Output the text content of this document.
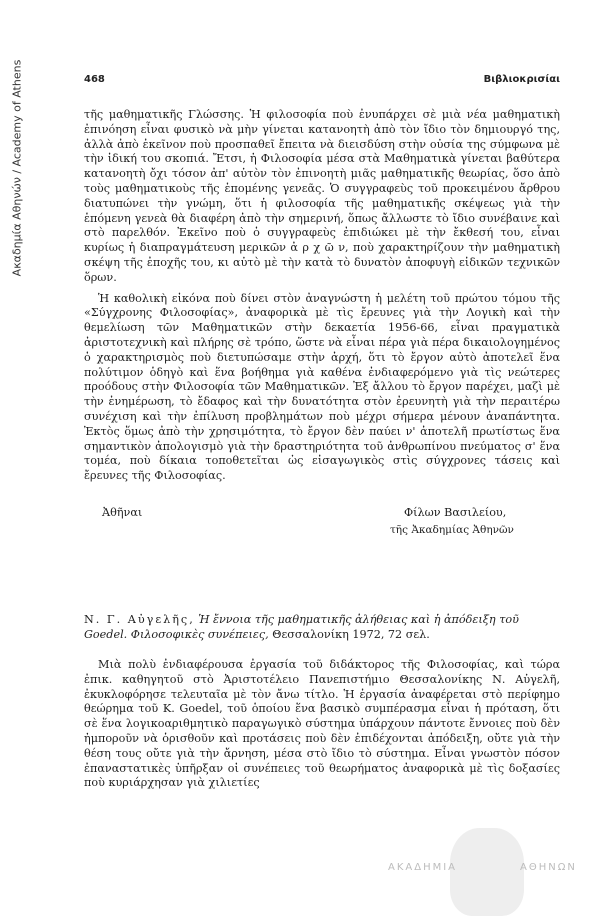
Ακαδημία Αθηνών / Academy of Athens	468	Βιβλιοκρισίαι

τῆς μαθηματικῆς Γλώσσης. Ἡ φιλοσοφία ποὺ ἐνυπάρχει σὲ μιὰ νέα μαθηματικὴ ἐπινόηση εἶναι φυσικὸ νὰ μὴν γίνεται κατανοητὴ ἀπὸ τὸν ἴδιο τὸν δημιουργό της, ἀλλὰ ἀπὸ ἐκεῖνον ποὺ προσπαθεῖ ἔπειτα νὰ διεισδύση στὴν οὐσία της σύμφωνα μὲ τὴν ἰδική του σκοπιά. Ἔτσι, ἡ Φιλοσοφία μέσα στὰ Μαθηματικὰ γίνεται βαθύτερα κατανοητὴ ὄχι τόσον ἀπ' αὐτὸν τὸν ἐπινοητὴ μιᾶς μαθηματικῆς θεωρίας, ὅσο ἀπὸ τοὺς μαθηματικοὺς τῆς ἑπομένης γενεᾶς. Ὁ συγγραφεὺς τοῦ προκειμένου ἄρθρου διατυπώνει τὴν γνώμη, ὅτι ἡ φιλοσοφία τῆς μαθηματικῆς σκέψεως γιὰ τὴν ἑπόμενη γενεὰ θὰ διαφέρη ἀπὸ τὴν σημερινή, ὅπως ἄλλωστε τὸ ἴδιο συνέβαινε καὶ στὸ παρελθόν. Ἐκεῖνο ποὺ ὁ συγγραφεὺς ἐπιδιώκει μὲ τὴν ἔκθεσή του, εἶναι κυρίως ἡ διαπραγμάτευση μερικῶν ἀ ρ χ ῶ ν, ποὺ χαρακτηρίζουν τὴν μαθηματικὴ σκέψη τῆς ἐποχῆς του, κι αὐτὸ μὲ τὴν κατὰ τὸ δυνατὸν ἀποφυγὴ εἰδικῶν τεχνικῶν ὅρων.

Ἡ καθολικὴ εἰκόνα ποὺ δίνει στὸν ἀναγνώστη ἡ μελέτη τοῦ πρώτου τόμου τῆς «Σύγχρονης Φιλοσοφίας», ἀναφορικὰ μὲ τὶς ἔρευνες γιὰ τὴν Λογικὴ καὶ τὴν θεμελίωση τῶν Μαθηματικῶν στὴν δεκαετία 1956-66, εἶναι πραγματικὰ ἀριστοτεχνικὴ καὶ πλήρης σὲ τρόπο, ὥστε νὰ εἶναι πέρα γιὰ πέρα δικαιολογημένος ὁ χαρακτηρισμὸς ποὺ διετυπώσαμε στὴν ἀρχή, ὅτι τὸ ἔργον αὐτὸ ἀποτελεῖ ἕνα πολύτιμον ὁδηγὸ καὶ ἕνα βοήθημα γιὰ καθένα ἐνδιαφερόμενο γιὰ τὶς νεώτερες προόδους στὴν Φιλοσοφία τῶν Μαθηματικῶν. Ἐξ ἄλλου τὸ ἔργον παρέχει, μαζὶ μὲ τὴν ἐνημέρωση, τὸ ἔδαφος καὶ τὴν δυνατότητα στὸν ἐρευνητὴ γιὰ τὴν περαιτέρω συνέχιση καὶ τὴν ἐπίλυση προβλημάτων ποὺ μέχρι σήμερα μένουν ἀναπάντητα. Ἐκτὸς ὅμως ἀπὸ τὴν χρησιμότητα, τὸ ἔργον δὲν παύει ν' ἀποτελῆ πρωτίστως ἕνα σημαντικὸν ἀπολογισμὸ γιὰ τὴν δραστηριότητα τοῦ ἀνθρωπίνου πνεύματος σ' ἕνα τομέα, ποὺ δίκαια τοποθετεῖται ὡς εἰσαγωγικὸς στὶς σύγχρονες τάσεις καὶ ἔρευνες τῆς Φιλοσοφίας.

Ἀθῆναι	Φίλων Βασιλείου,
τῆς Ἀκαδημίας Ἀθηνῶν

Ν. Γ. Αὐγελῆς, Ἡ ἔννοια τῆς μαθηματικῆς ἀλήθειας καὶ ἡ ἀπόδειξη τοῦ Goedel. Φιλοσοφικὲς συνέπειες, Θεσσαλονίκη 1972, 72 σελ.

Μιὰ πολὺ ἐνδιαφέρουσα ἐργασία τοῦ διδάκτορος τῆς Φιλοσοφίας, καὶ τώρα ἐπικ. καθηγητοῦ στὸ Ἀριστοτέλειο Πανεπιστήμιο Θεσσαλονίκης Ν. Αὐγελῆ, ἐκυκλοφόρησε τελευταῖα μὲ τὸν ἄνω τίτλο. Ἡ ἐργασία ἀναφέρεται στὸ περίφημο θεώρημα τοῦ K. Goedel, τοῦ ὁποίου ἕνα βασικὸ συμπέρασμα εἶναι ἡ πρόταση, ὅτι σὲ ἕνα λογικοαριθμητικὸ παραγωγικὸ σύστημα ὑπάρχουν πάντοτε ἔννοιες ποὺ δὲν ἠμποροῦν νὰ ὁρισθοῦν καὶ προτάσεις ποὺ δὲν ἐπιδέχονται ἀπόδειξη, οὔτε γιὰ τὴν θέση τους οὔτε γιὰ τὴν ἄρνηση, μέσα στὸ ἴδιο τὸ σύστημα. Εἶναι γνωστὸν πόσον ἐπαναστατικὲς ὑπῆρξαν οἱ συνέπειες τοῦ θεωρήματος ἀναφορικὰ μὲ τὶς δοξασίες ποὺ κυριάρχησαν γιὰ χιλιετίες

ΑΚΑΔΗΜΙΑ	ΑΘΗΝΩΝ
